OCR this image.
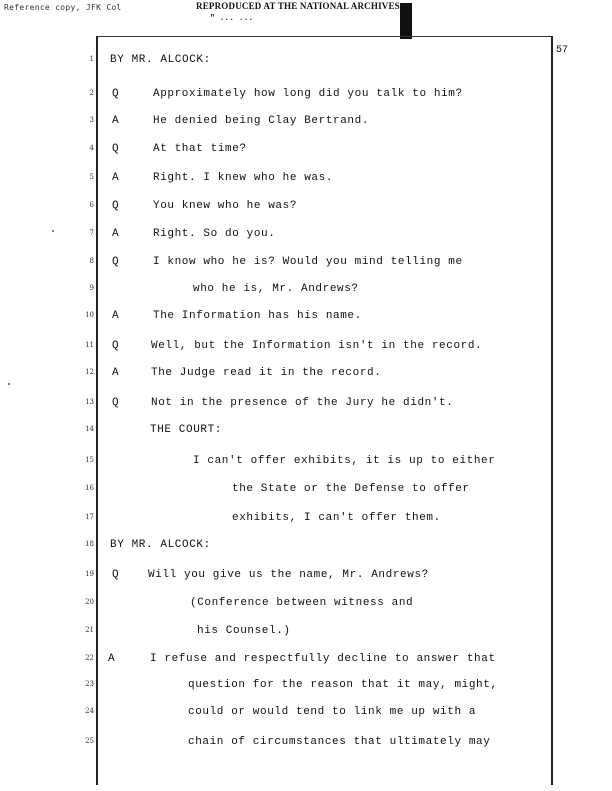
Reference copy, JFK Col	REPRODUCED AT THE NATIONAL ARCHIVES
" ... ...
57
1 BY MR. ALCOCK:
2 Q	Approximately how long did you talk to him?
3 A	He denied being Clay Bertrand.
4 Q	At that time?
5 A	Right. I knew who he was.
6 Q	You knew who he was?
7 A	Right. So do you.
8 Q	I know who he is? Would you mind telling me
9	who he is, Mr. Andrews?
10 A	The Information has his name.
11 Q	Well, but the Information isn't in the record.
12 A	The Judge read it in the record.
13 Q	Not in the presence of the Jury he didn't.
14	THE COURT:
15	I can't offer exhibits, it is up to either
16	the State or the Defense to offer
17	exhibits, I can't offer them.
18 BY MR. ALCOCK:
19 Q	Will you give us the name, Mr. Andrews?
20	(Conference between witness and
21	his Counsel.)
22 A	I refuse and respectfully decline to answer that
23	question for the reason that it may, might,
24	could or would tend to link me up with a
25	chain of circumstances that ultimately may
